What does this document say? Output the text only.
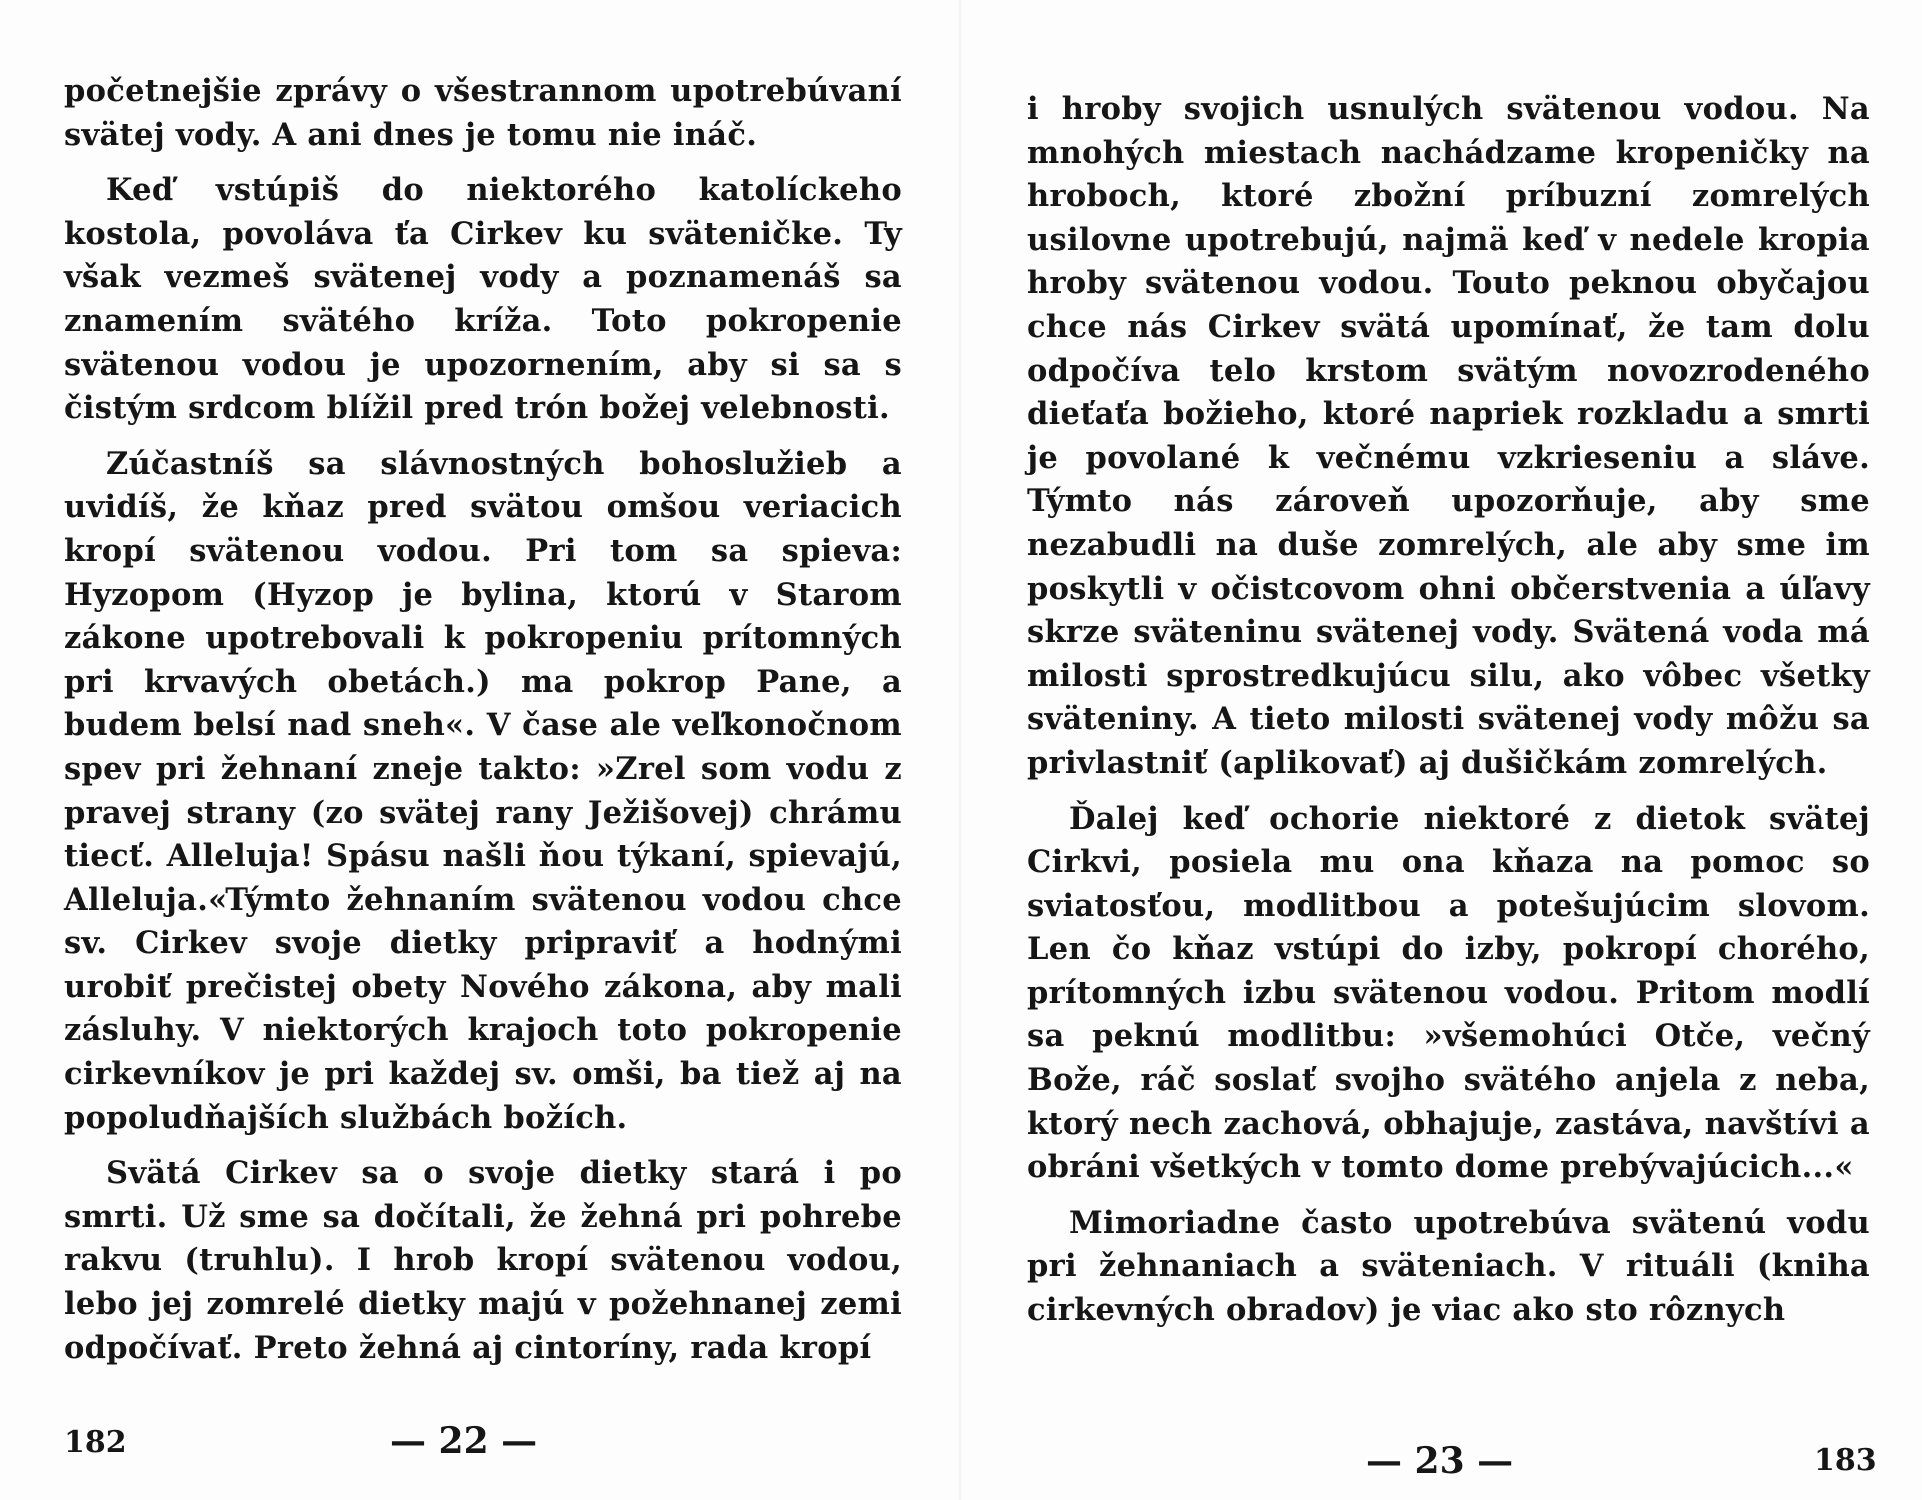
početnejšie zprávy o všestrannom upotrebúvaní svätej vody. A ani dnes je tomu nie ináč.

Keď vstúpiš do niektorého katolíckeho kostola, povoláva ťa Cirkev ku sväteničke. Ty však vezmeš svätenej vody a poznamenáš sa znamením svätého kríža. Toto pokropenie svätenou vodou je upozornením, aby si sa s čistým srdcom blížil pred trón božej velebnosti.

Zúčastníš sa slávnostných bohoslužieb a uvidíš, že kňaz pred svätou omšou veriacich kropí svätenou vodou. Pri tom sa spieva: Hyzopom (Hyzop je bylina, ktorú v Starom zákone upotrebovali k pokropeniu prítomných pri krvavých obetách.) ma pokrop Pane, a budem belsí nad sneh«. V čase ale veľkonočnom spev pri žehnaní zneje takto: »Zrel som vodu z pravej strany (zo svätej rany Ježišovej) chrámu tiecť. Alleluja! Spásu našli ňou týkaní, spievajú, Alleluja.«Týmto žehnaním svätenou vodou chce sv. Cirkev svoje dietky pripraviť a hodnými urobiť prečistej obety Nového zákona, aby mali zásluhy. V niektorých krajoch toto pokropenie cirkevníkov je pri každej sv. omši, ba tiež aj na popoludňajších službách božích.

Svätá Cirkev sa o svoje dietky stará i po smrti. Už sme sa dočítali, že žehná pri pohrebe rakvu (truhlu). I hrob kropí svätenou vodou, lebo jej zomrelé dietky majú v požehnanej zemi odpočívať. Preto žehná aj cintoríny, rada kropí

182	— 22 —

i hroby svojich usnulých svätenou vodou. Na mnohých miestach nachádzame kropeničky na hroboch, ktoré zbožní príbuzní zomrelých usilovne upotrebujú, najmä keď v nedele kropia hroby svätenou vodou. Touto peknou obyčajou chce nás Cirkev svätá upomínať, že tam dolu odpočíva telo krstom svätým novozrodeného dieťaťa božieho, ktoré napriek rozkladu a smrti je povolané k večnému vzkrieseniu a sláve. Týmto nás zároveň upozorňuje, aby sme nezabudli na duše zomrelých, ale aby sme im poskytli v očistcovom ohni občerstvenia a úľavy skrze sväteninu svätenej vody. Svätená voda má milosti sprostredkujúcu silu, ako vôbec všetky sväteniny. A tieto milosti svätenej vody môžu sa privlastniť (aplikovať) aj dušičkám zomrelých.

Ďalej keď ochorie niektoré z dietok svätej Cirkvi, posiela mu ona kňaza na pomoc so sviatosťou, modlitbou a potešujúcim slovom. Len čo kňaz vstúpi do izby, pokropí chorého, prítomných izbu svätenou vodou. Pritom modlí sa peknú modlitbu: »všemohúci Otče, večný Bože, ráč soslať svojho svätého anjela z neba, ktorý nech zachová, obhajuje, zastáva, navštívi a obráni všetkých v tomto dome prebývajúcich...«

Mimoriadne často upotrebúva svätenú vodu pri žehnaniach a sväteniach. V rituáli (kniha cirkevných obradov) je viac ako sto rôznych

— 23 —	183
